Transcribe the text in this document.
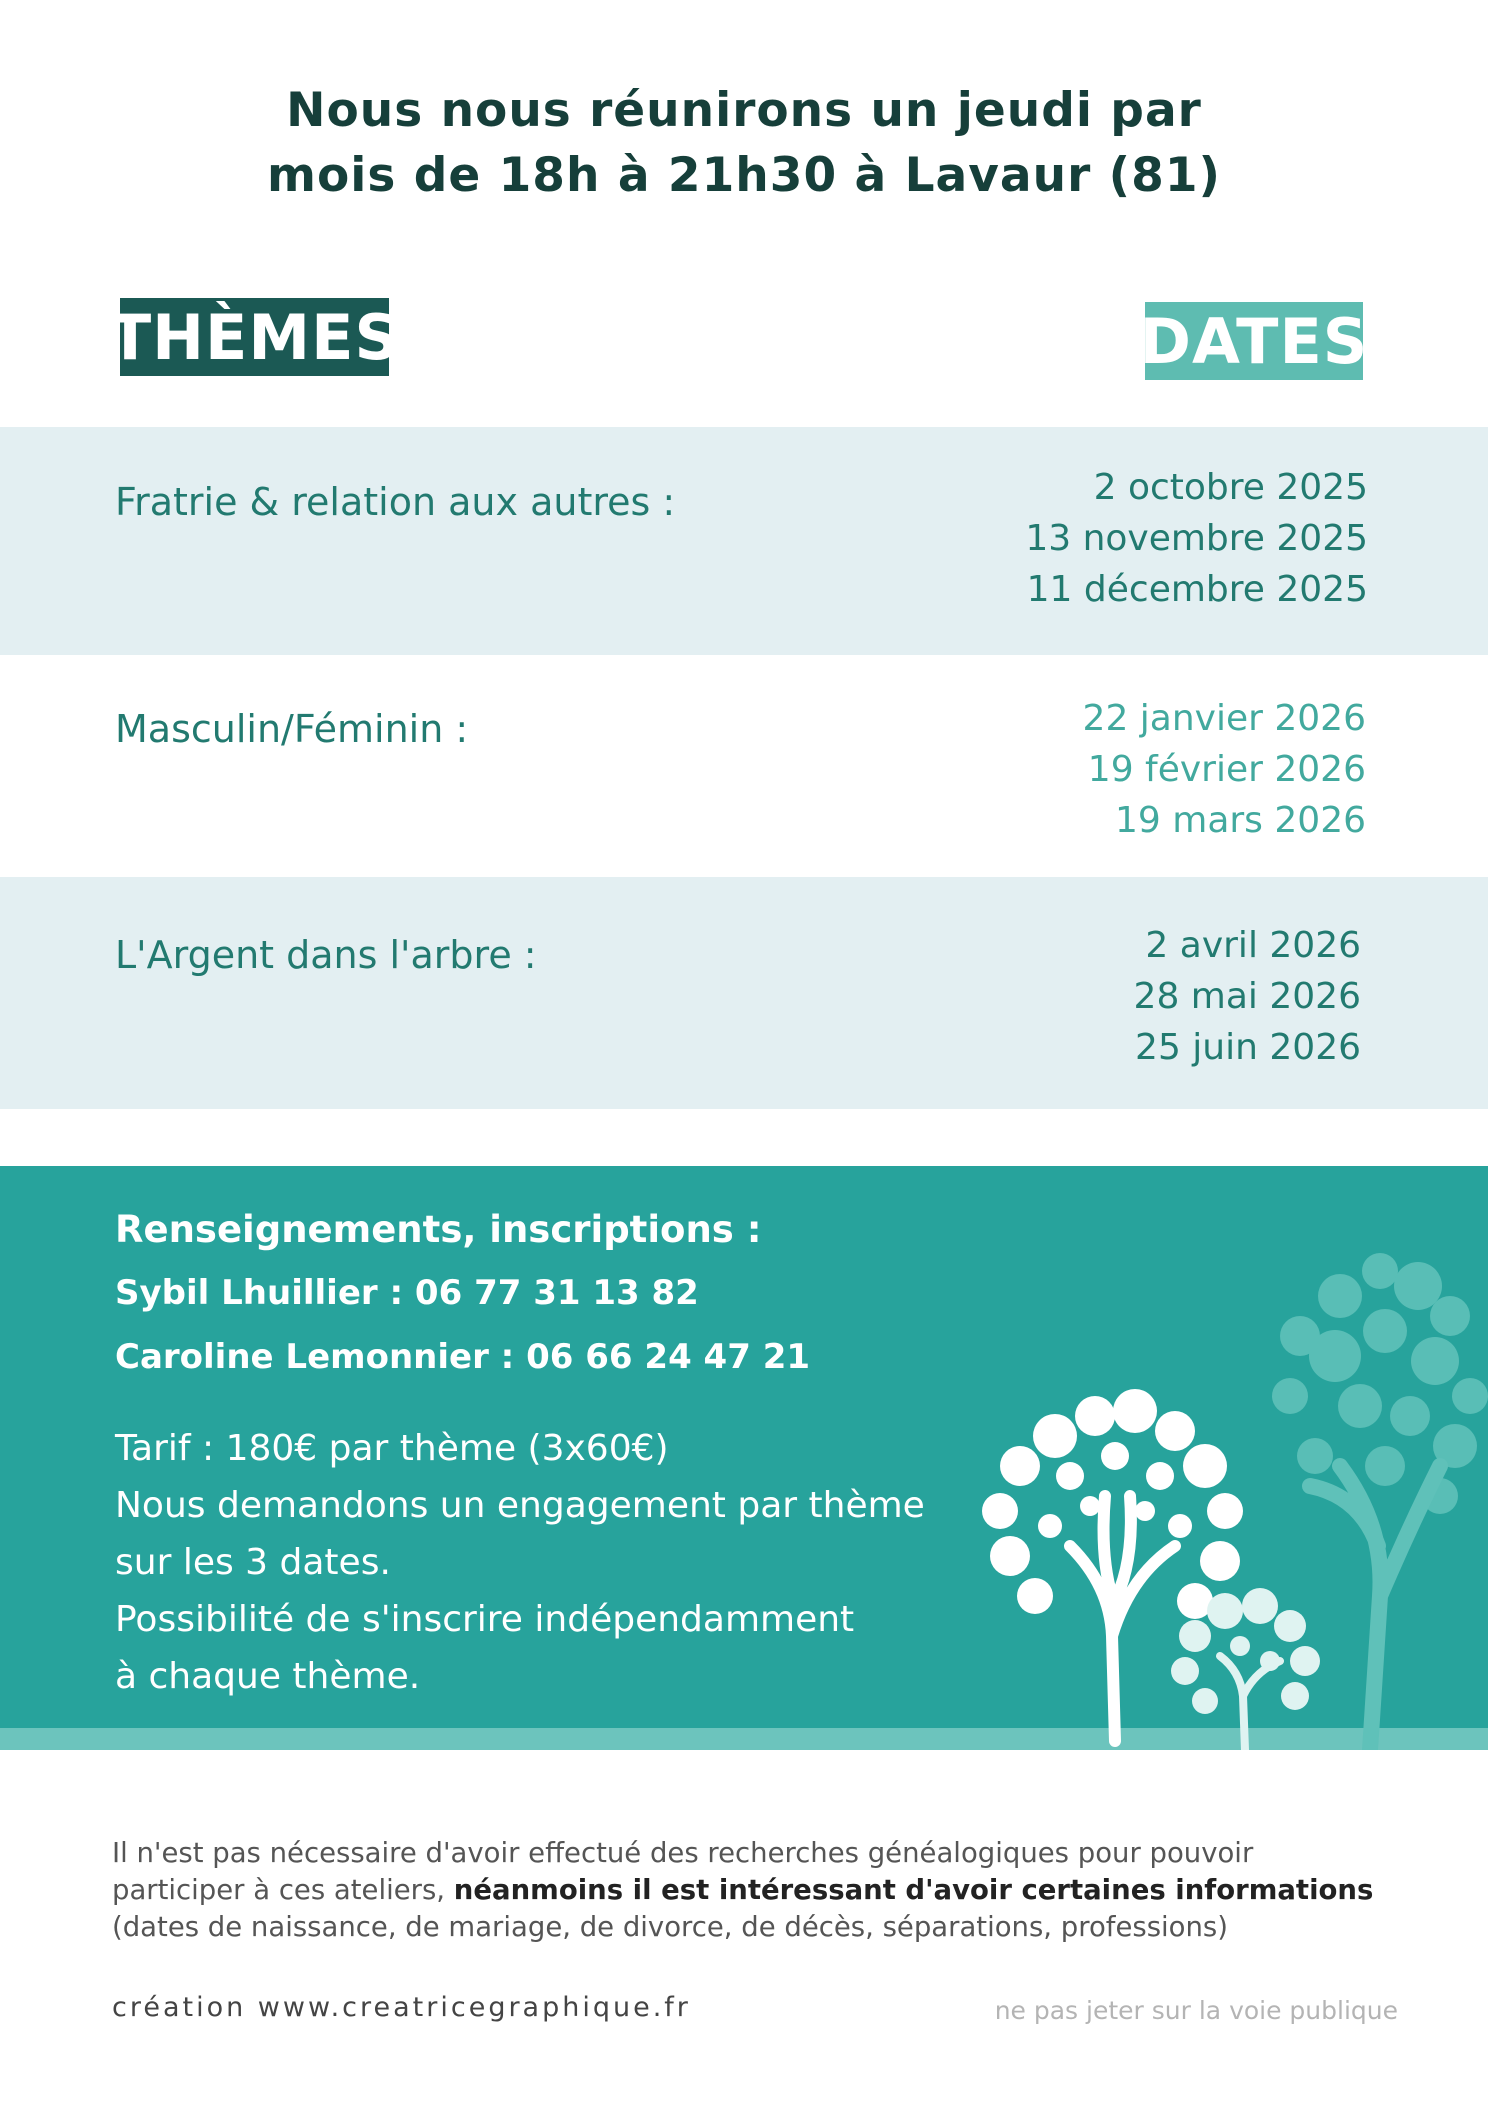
Nous nous réunirons un jeudi par
mois de 18h à 21h30 à Lavaur (81)
THÈMES	DATES
Fratrie & relation aux autres :	2 octobre 2025
13 novembre 2025
11 décembre 2025
Masculin/Féminin :	22 janvier 2026
19 février 2026
19 mars 2026
L'Argent dans l'arbre :	2 avril 2026
28 mai 2026
25 juin 2026
Renseignements, inscriptions :
Sybil Lhuillier : 06 77 31 13 82
Caroline Lemonnier : 06 66 24 47 21
Tarif : 180€ par thème (3x60€)
Nous demandons un engagement par thème
sur les 3 dates.
Possibilité de s'inscrire indépendamment
à chaque thème.
Il n'est pas nécessaire d'avoir effectué des recherches généalogiques pour pouvoir
participer à ces ateliers, néanmoins il est intéressant d'avoir certaines informations
(dates de naissance, de mariage, de divorce, de décès, séparations, professions)
création www.creatricegraphique.fr	ne pas jeter sur la voie publique
